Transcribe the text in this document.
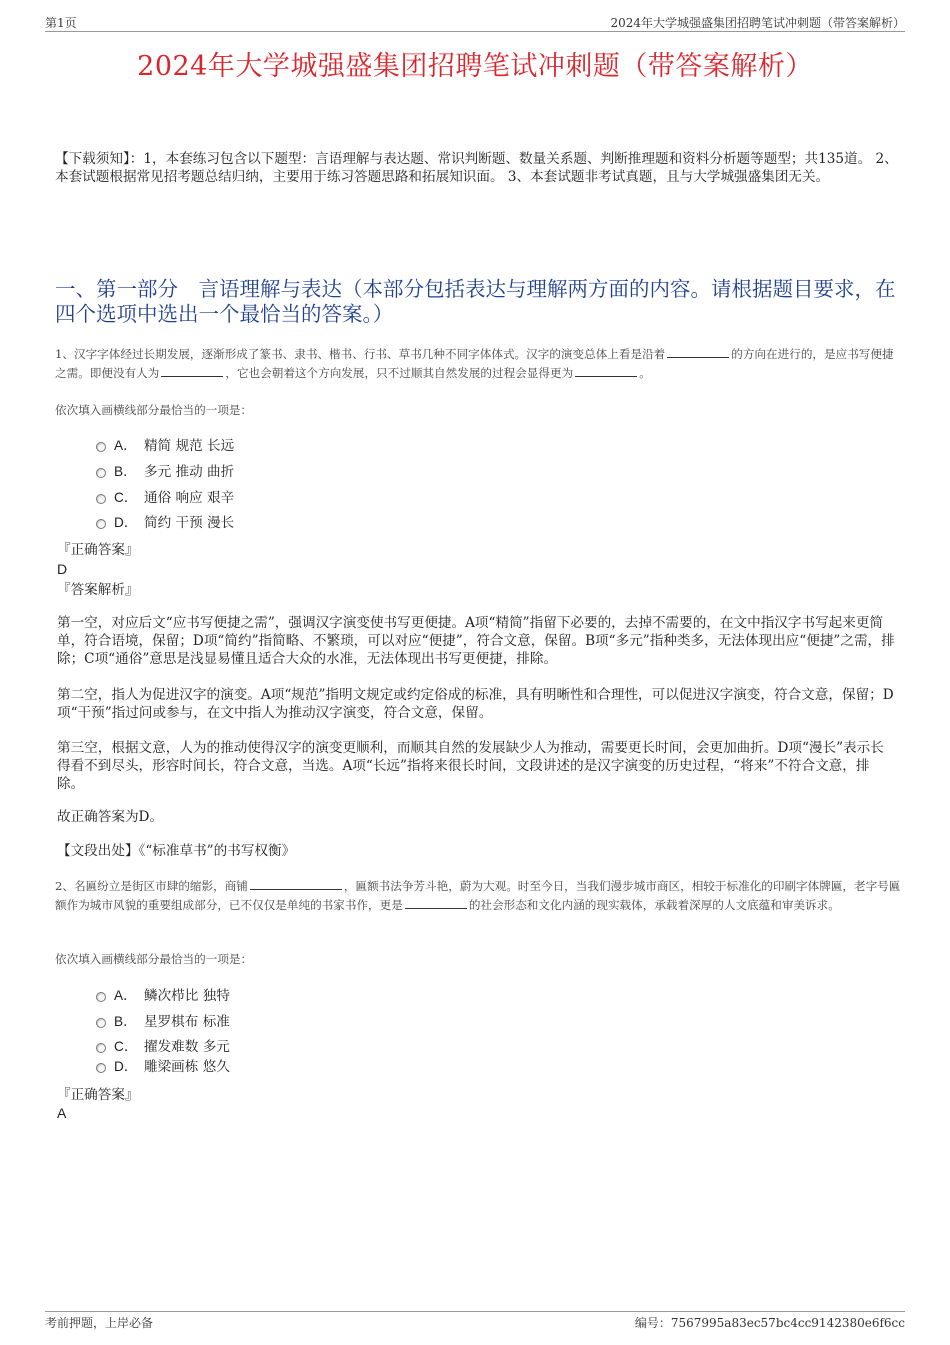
第1页	2024年大学城强盛集团招聘笔试冲刺题（带答案解析）
2024年大学城强盛集团招聘笔试冲刺题（带答案解析）
【下载须知】：1，本套练习包含以下题型：言语理解与表达题、常识判断题、数量关系题、判断推理题和资料分析题等题型；共135道。 2、本套试题根据常见招考题总结归纳，主要用于练习答题思路和拓展知识面。 3、本套试题非考试真题，且与大学城强盛集团无关。
一、第一部分　言语理解与表达（本部分包括表达与理解两方面的内容。请根据题目要求，在四个选项中选出一个最恰当的答案。）
1、汉字字体经过长期发展，逐渐形成了篆书、隶书、楷书、行书、草书几种不同字体体式。汉字的演变总体上看是沿着	的方向在进行的，是应书写便捷之需。即便没有人为	，它也会朝着这个方向发展，只不过顺其自然发展的过程会显得更为	。
依次填入画横线部分最恰当的一项是：
A． 精简 规范 长远
B． 多元 推动 曲折
C． 通俗 响应 艰辛
D． 简约 干预 漫长
『正确答案』
D
『答案解析』
第一空，对应后文“应书写便捷之需”，强调汉字演变使书写更便捷。A项“精简”指留下必要的，去掉不需要的，在文中指汉字书写起来更简单，符合语境，保留；D项“简约”指简略、不繁琐，可以对应“便捷”，符合文意，保留。B项“多元”指种类多，无法体现出应“便捷”之需，排除；C项“通俗”意思是浅显易懂且适合大众的水准，无法体现出书写更便捷，排除。
第二空，指人为促进汉字的演变。A项“规范”指明文规定或约定俗成的标准，具有明晰性和合理性，可以促进汉字演变，符合文意，保留；D项“干预”指过问或参与，在文中指人为推动汉字演变，符合文意，保留。
第三空，根据文意，人为的推动使得汉字的演变更顺利，而顺其自然的发展缺少人为推动，需要更长时间，会更加曲折。D项“漫长”表示长得看不到尽头，形容时间长，符合文意，当选。A项“长远”指将来很长时间，文段讲述的是汉字演变的历史过程，“将来”不符合文意，排除。
故正确答案为D。
【文段出处】《“标准草书”的书写权衡》
2、名匾纷立是街区市肆的缩影，商铺	，匾额书法争芳斗艳，蔚为大观。时至今日，当我们漫步城市商区，相较于标准化的印刷字体牌匾，老字号匾额作为城市风貌的重要组成部分，已不仅仅是单纯的书家书作，更是	的社会形态和文化内涵的现实载体，承载着深厚的人文底蕴和审美诉求。
依次填入画横线部分最恰当的一项是：
A． 鳞次栉比 独特
B． 星罗棋布 标准
C． 擢发难数 多元
D． 雕梁画栋 悠久
『正确答案』
A
考前押题，上岸必备	编号：7567995a83ec57bc4cc9142380e6f6cc
